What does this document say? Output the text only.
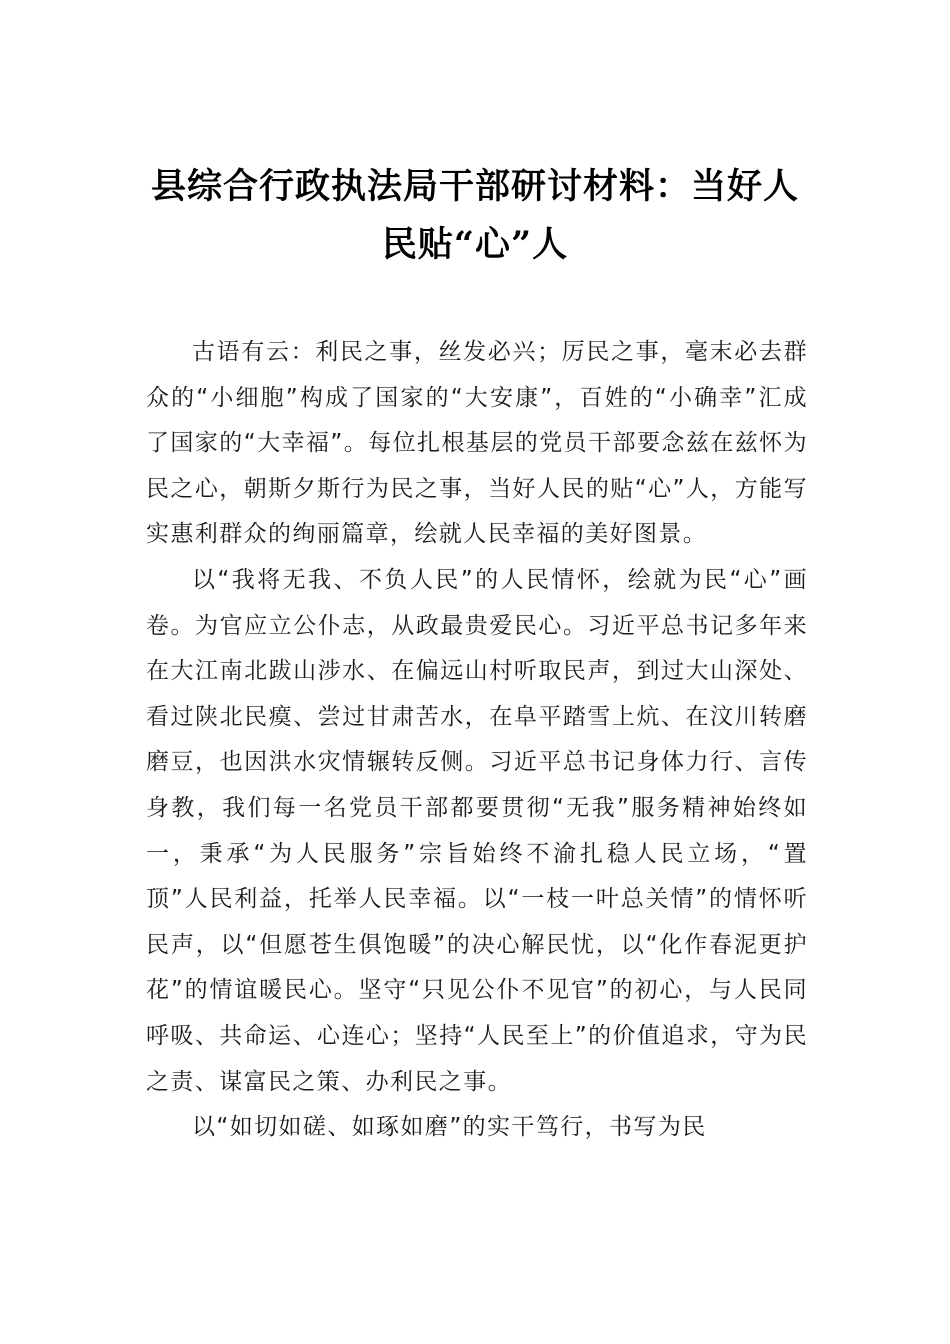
县综合行政执法局干部研讨材料：当好人
民贴“心”人

古语有云：利民之事，丝发必兴；厉民之事，毫末必去群众的“小细胞”构成了国家的“大安康”，百姓的“小确幸”汇成了国家的“大幸福”。每位扎根基层的党员干部要念兹在兹怀为民之心，朝斯夕斯行为民之事，当好人民的贴“心”人，方能写实惠利群众的绚丽篇章，绘就人民幸福的美好图景。

以“我将无我、不负人民”的人民情怀，绘就为民“心”画卷。为官应立公仆志，从政最贵爱民心。习近平总书记多年来在大江南北跋山涉水、在偏远山村听取民声，到过大山深处、看过陕北民瘼、尝过甘肃苦水，在阜平踏雪上炕、在汶川转磨磨豆，也因洪水灾情辗转反侧。习近平总书记身体力行、言传身教，我们每一名党员干部都要贯彻“无我”服务精神始终如一，秉承“为人民服务”宗旨始终不渝扎稳人民立场，“置顶”人民利益，托举人民幸福。以“一枝一叶总关情”的情怀听民声，以“但愿苍生俱饱暖”的决心解民忧，以“化作春泥更护花”的情谊暖民心。坚守“只见公仆不见官”的初心，与人民同呼吸、共命运、心连心；坚持“人民至上”的价值追求，守为民之责、谋富民之策、办利民之事。

以“如切如磋、如琢如磨”的实干笃行，书写为民
